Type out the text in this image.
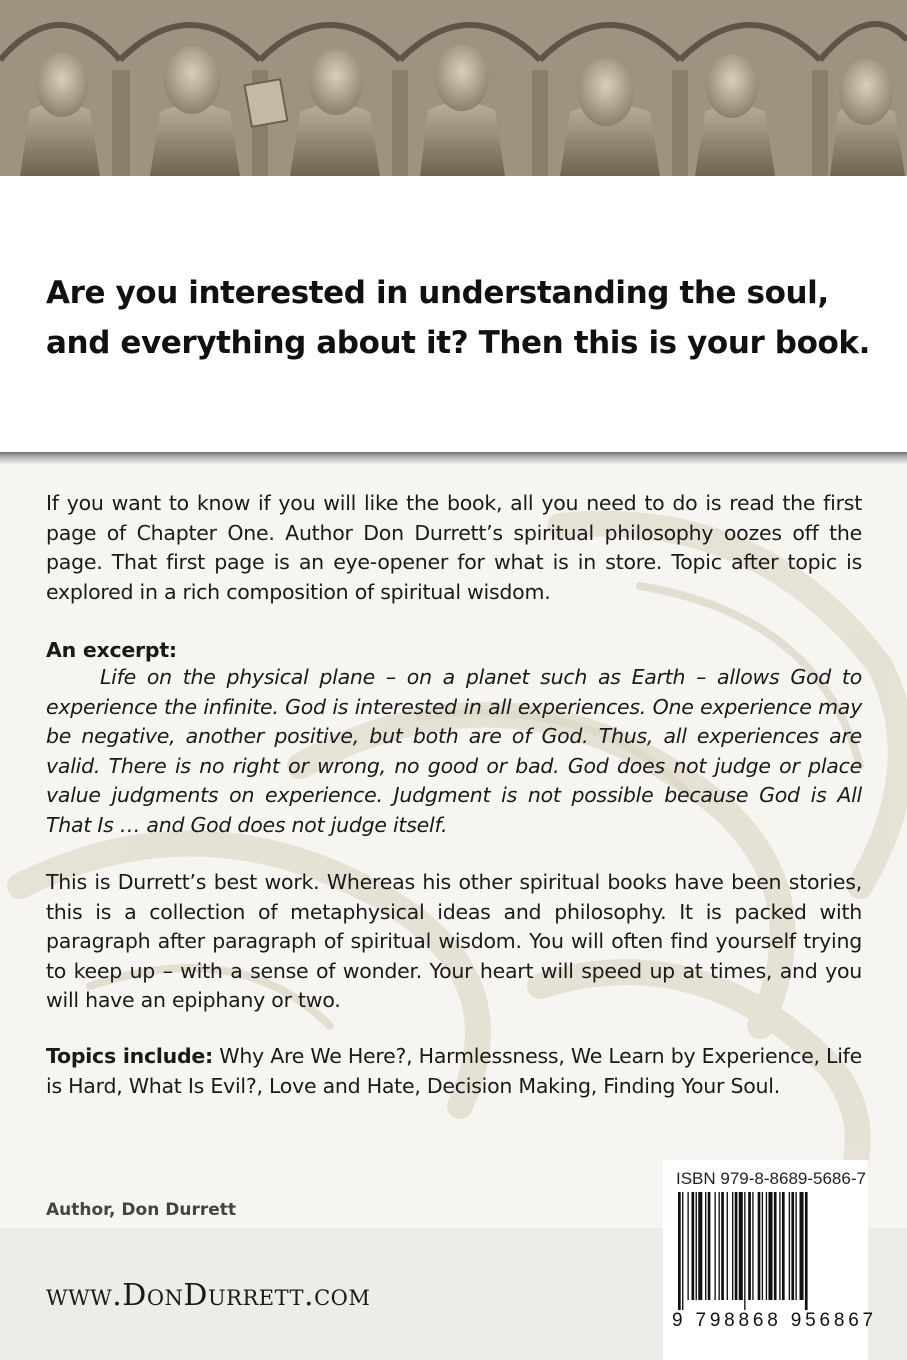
Are you interested in understanding the soul, and everything about it? Then this is your book.
If you want to know if you will like the book, all you need to do is read the first page of Chapter One. Author Don Durrett’s spiritual philosophy oozes off the page. That first page is an eye-opener for what is in store. Topic after topic is explored in a rich composition of spiritual wisdom.
An excerpt:
Life on the physical plane – on a planet such as Earth – allows God to experience the infinite. God is interested in all experiences. One experience may be negative, another positive, but both are of God. Thus, all experiences are valid. There is no right or wrong, no good or bad. God does not judge or place value judgments on experience. Judgment is not possible because God is All That Is … and God does not judge itself.
This is Durrett’s best work. Whereas his other spiritual books have been stories, this is a collection of metaphysical ideas and philosophy. It is packed with paragraph after paragraph of spiritual wisdom. You will often find yourself trying to keep up – with a sense of wonder. Your heart will speed up at times, and you will have an epiphany or two.
Topics include: Why Are We Here?, Harmlessness, We Learn by Experience, Life is Hard, What Is Evil?, Love and Hate, Decision Making, Finding Your Soul.

Author, Don Durrett

www.DonDurrett.com

ISBN 979-8-8689-5686-7

9 798868 956867
